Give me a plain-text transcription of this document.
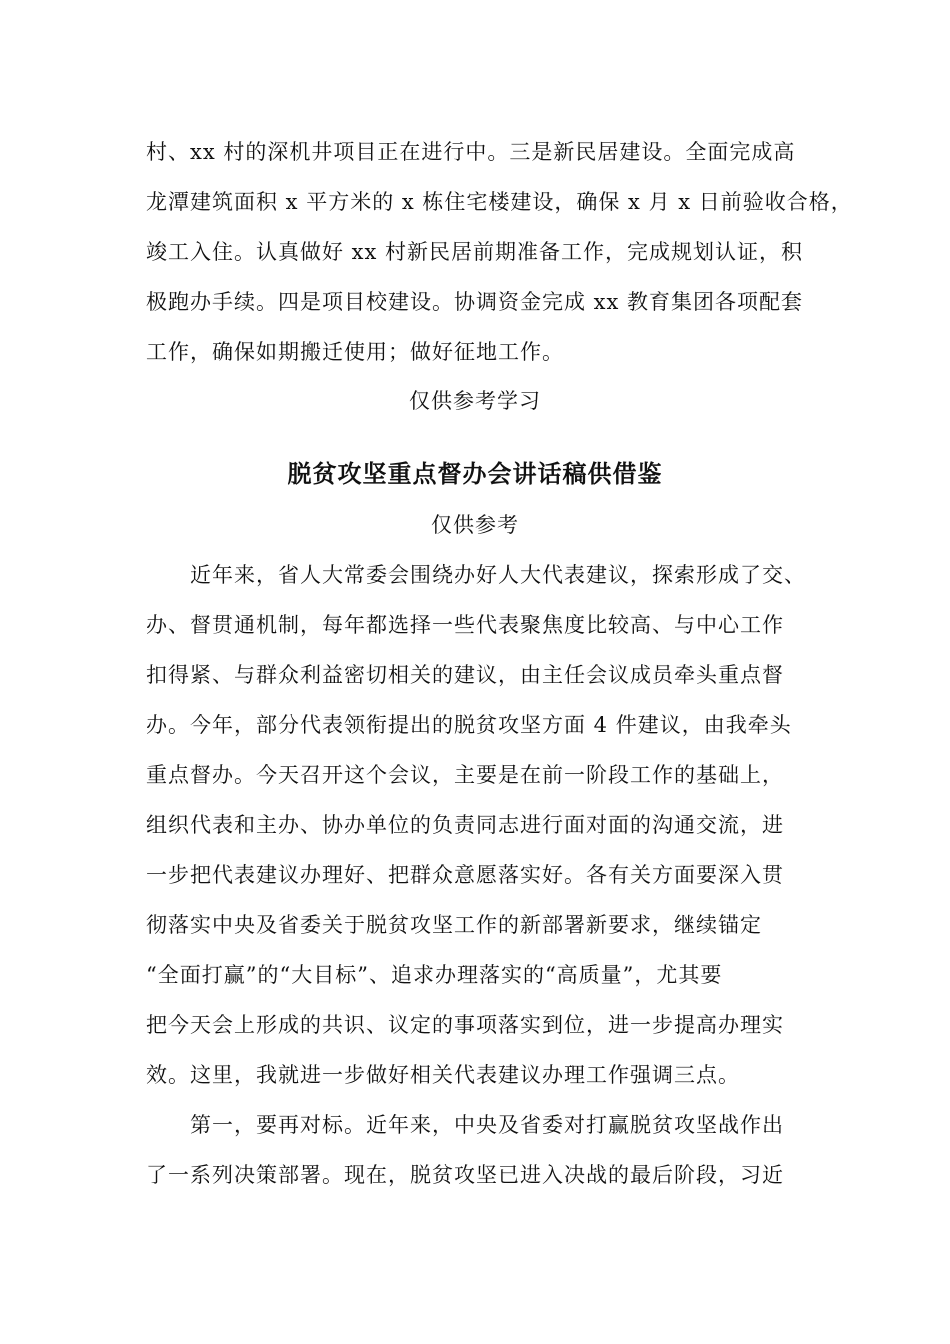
村、xx 村的深机井项目正在进行中。三是新民居建设。全面完成高
龙潭建筑面积 x 平方米的 x 栋住宅楼建设，确保 x 月 x 日前验收合格，
竣工入住。认真做好 xx 村新民居前期准备工作，完成规划认证，积
极跑办手续。四是项目校建设。协调资金完成 xx 教育集团各项配套
工作，确保如期搬迁使用；做好征地工作。
仅供参考学习
脱贫攻坚重点督办会讲话稿供借鉴
仅供参考
近年来，省人大常委会围绕办好人大代表建议，探索形成了交、
办、督贯通机制，每年都选择一些代表聚焦度比较高、与中心工作
扣得紧、与群众利益密切相关的建议，由主任会议成员牵头重点督
办。今年，部分代表领衔提出的脱贫攻坚方面 4 件建议，由我牵头
重点督办。今天召开这个会议，主要是在前一阶段工作的基础上，
组织代表和主办、协办单位的负责同志进行面对面的沟通交流，进
一步把代表建议办理好、把群众意愿落实好。各有关方面要深入贯
彻落实中央及省委关于脱贫攻坚工作的新部署新要求，继续锚定
“全面打赢”的“大目标”、追求办理落实的“高质量”，尤其要
把今天会上形成的共识、议定的事项落实到位，进一步提高办理实
效。这里，我就进一步做好相关代表建议办理工作强调三点。
第一，要再对标。近年来，中央及省委对打赢脱贫攻坚战作出
了一系列决策部署。现在，脱贫攻坚已进入决战的最后阶段，习近
